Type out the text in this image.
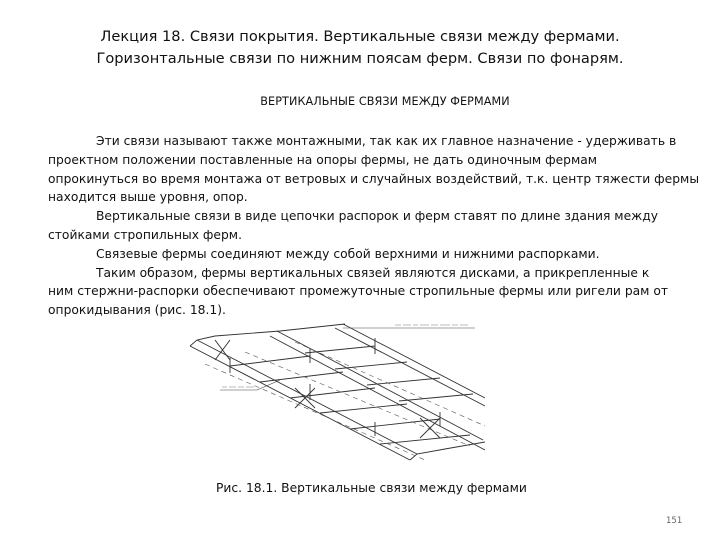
Лекция 18. Связи покрытия. Вертикальные связи между фермами.
Горизонтальные связи по нижним поясам ферм. Связи по фонарям.
ВЕРТИКАЛЬНЫЕ СВЯЗИ МЕЖДУ ФЕРМАМИ

Эти связи называют также монтажными, так как их главное назначение - удерживать в

проектном положении поставленные на опоры фермы, не дать одиночным фермам

опрокинуться во время монтажа от ветровых и случайных воздействий, т.к. центр тяжести фермы

находится выше уровня, опор.

Вертикальные связи в виде цепочки распорок и ферм ставят по длине здания между

стойками стропильных ферм.

Связевые фермы соединяют между собой верхними и нижними распорками.

Таким образом, фермы вертикальных связей являются дисками, а прикрепленные к

ним стержни-распорки обеспечивают промежуточные стропильные фермы или ригели рам от

опрокидывания (рис. 18.1).

Рис. 18.1. Вертикальные связи между фермами
151
